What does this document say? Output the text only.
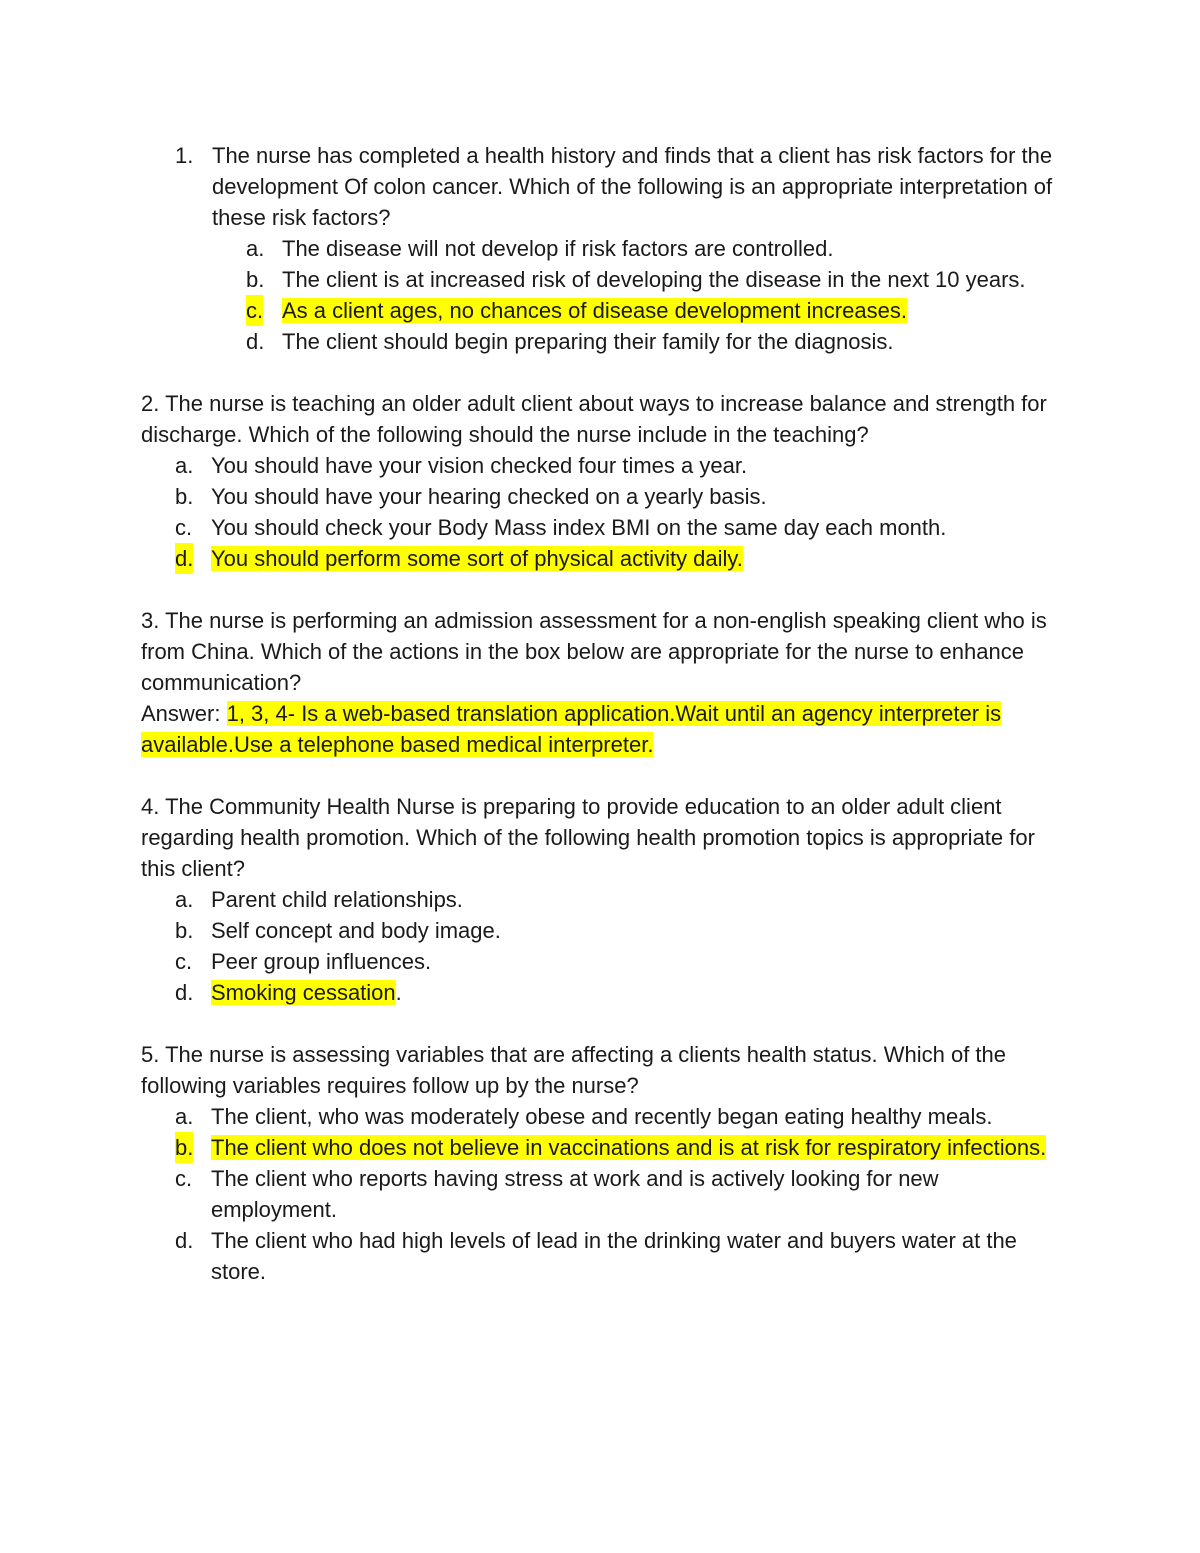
1. The nurse has completed a health history and finds that a client has risk factors for the development Of colon cancer. Which of the following is an appropriate interpretation of these risk factors?
a. The disease will not develop if risk factors are controlled.
b. The client is at increased risk of developing the disease in the next 10 years.
c. As a client ages, no chances of disease development increases.
d. The client should begin preparing their family for the diagnosis.
2. The nurse is teaching an older adult client about ways to increase balance and strength for discharge. Which of the following should the nurse include in the teaching?
a. You should have your vision checked four times a year.
b. You should have your hearing checked on a yearly basis.
c. You should check your Body Mass index BMI on the same day each month.
d. You should perform some sort of physical activity daily.
3. The nurse is performing an admission assessment for a non-english speaking client who is from China. Which of the actions in the box below are appropriate for the nurse to enhance communication?
Answer: 1, 3, 4- Is a web-based translation application.Wait until an agency interpreter is available.Use a telephone based medical interpreter.
4. The Community Health Nurse is preparing to provide education to an older adult client regarding health promotion. Which of the following health promotion topics is appropriate for this client?
a. Parent child relationships.
b. Self concept and body image.
c. Peer group influences.
d. Smoking cessation.
5. The nurse is assessing variables that are affecting a clients health status. Which of the following variables requires follow up by the nurse?
a. The client, who was moderately obese and recently began eating healthy meals.
b. The client who does not believe in vaccinations and is at risk for respiratory infections.
c. The client who reports having stress at work and is actively looking for new employment.
d. The client who had high levels of lead in the drinking water and buyers water at the store.
